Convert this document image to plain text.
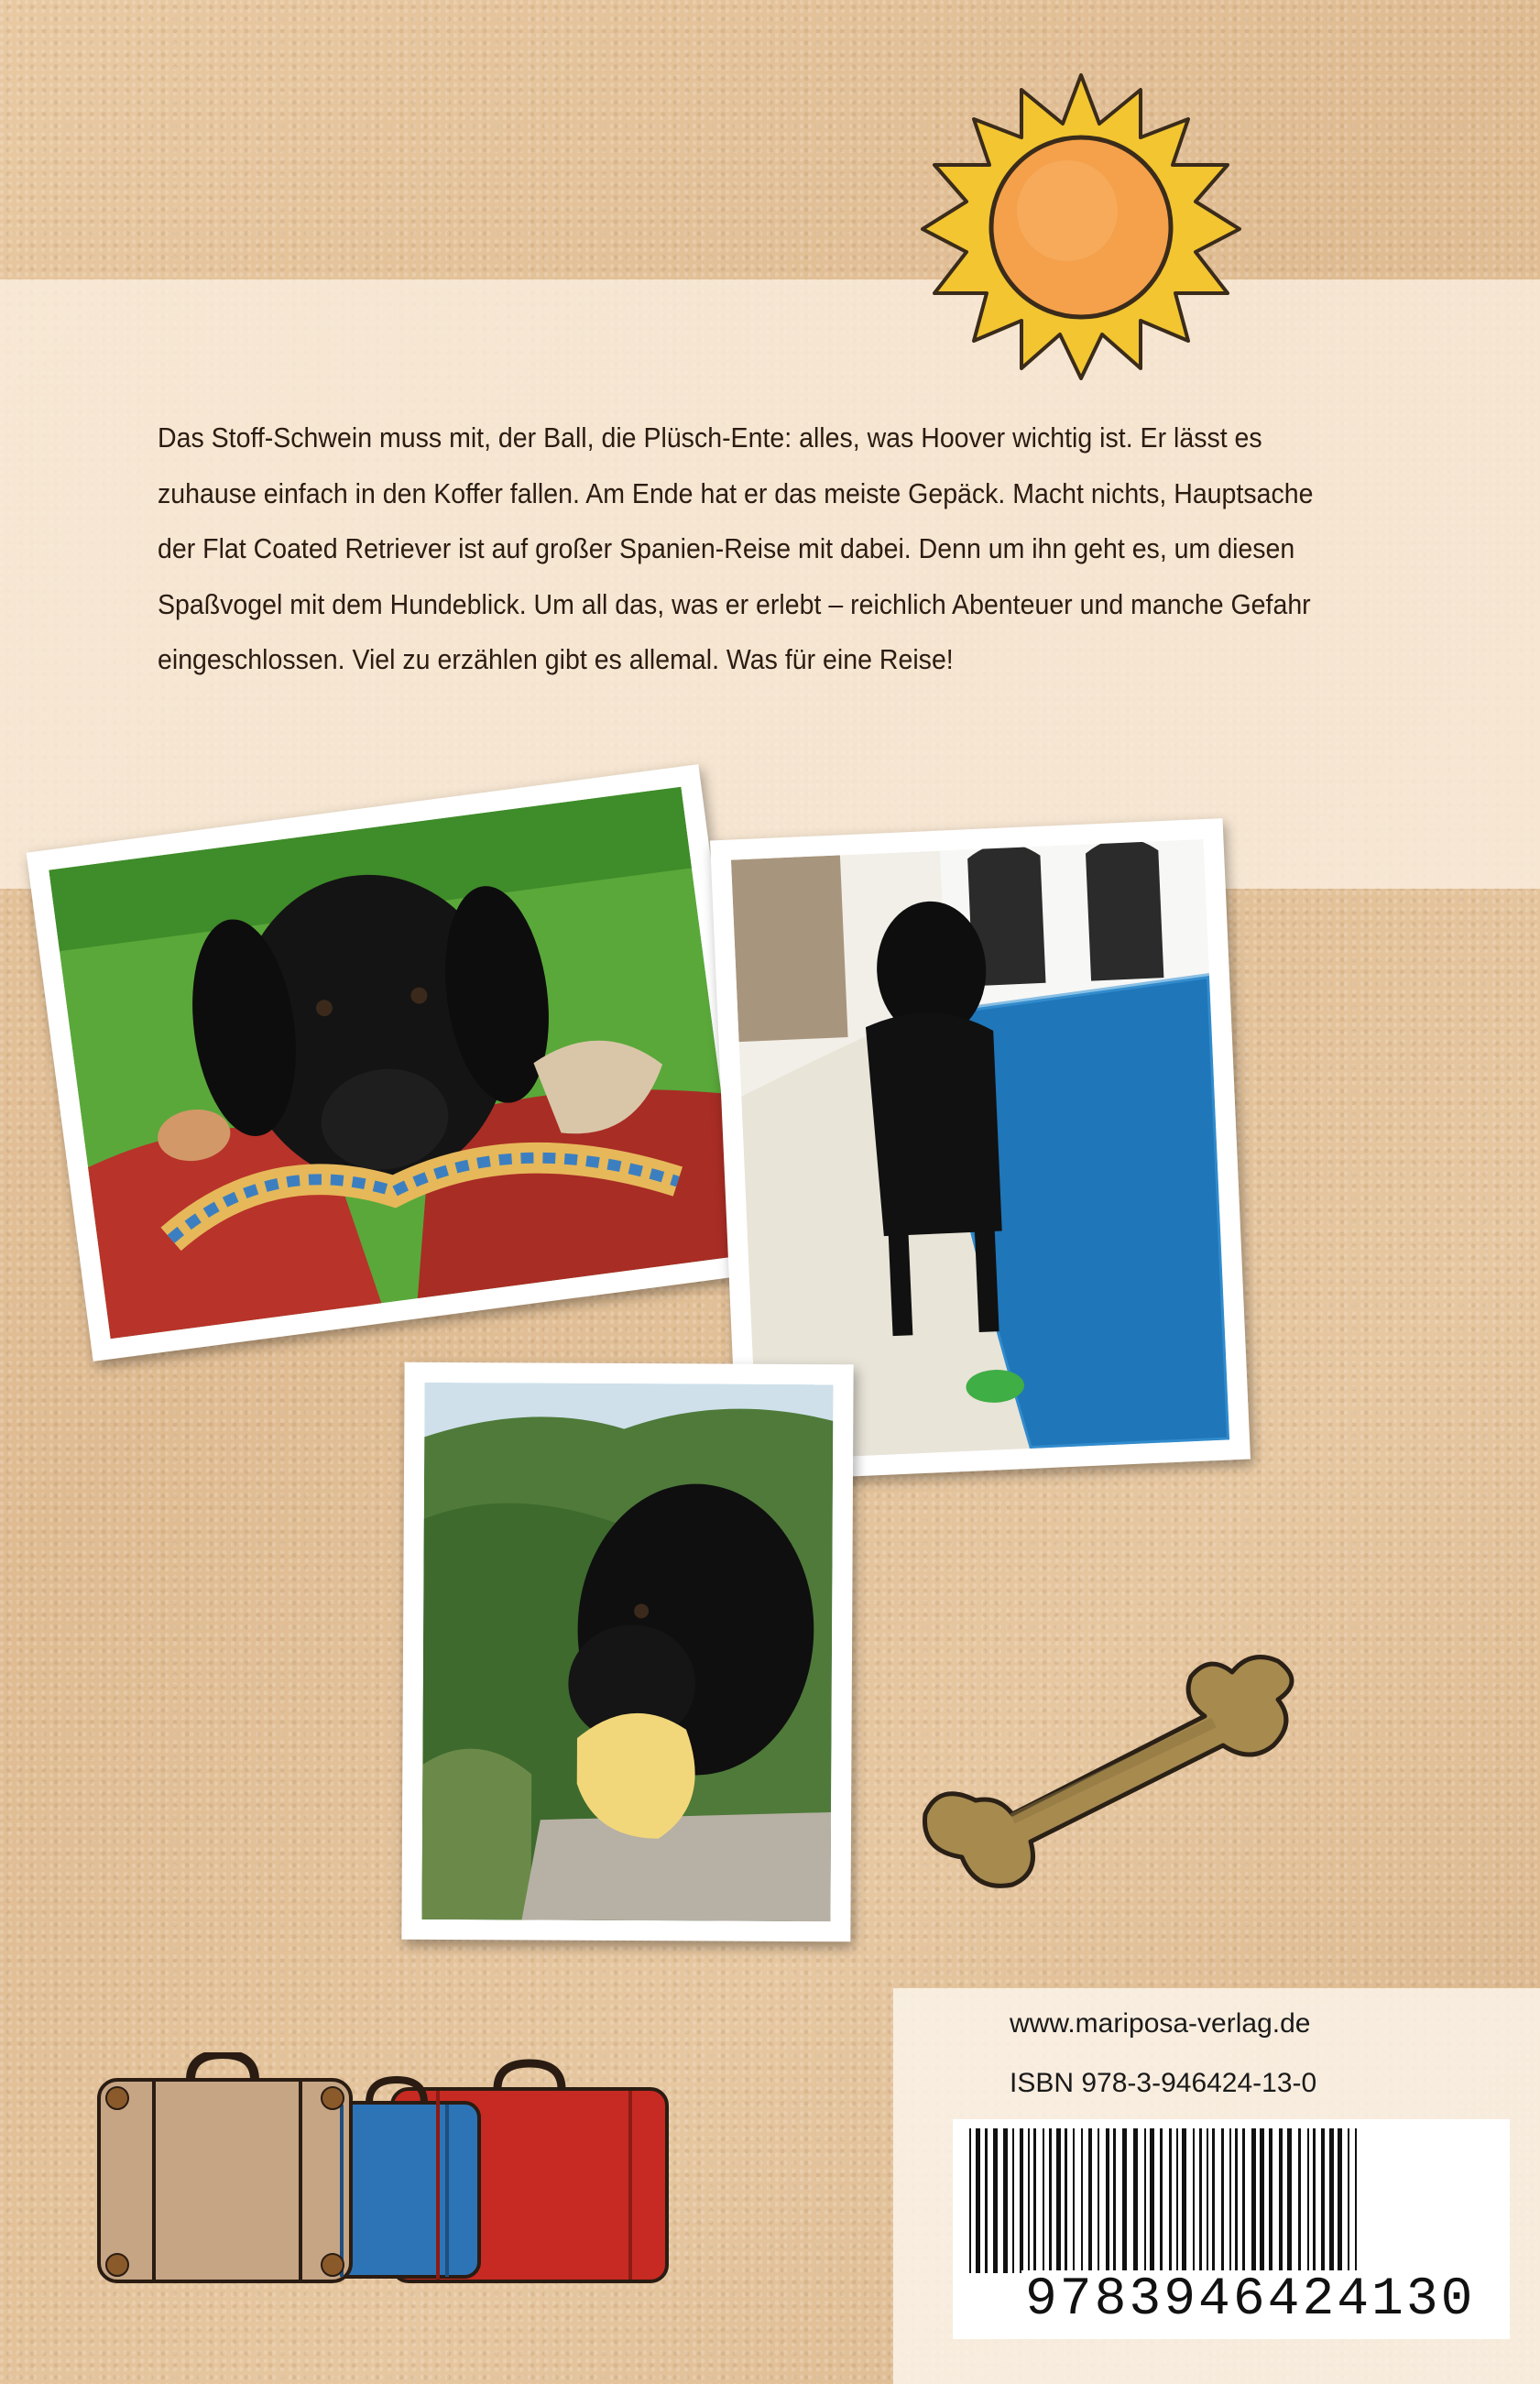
Das Stoff-Schwein muss mit, der Ball, die Plüsch-Ente: alles, was Hoover wichtig ist. Er lässt es zuhause einfach in den Koffer fallen. Am Ende hat er das meiste Gepäck. Macht nichts, Hauptsache der Flat Coated Retriever ist auf großer Spanien-Reise mit dabei. Denn um ihn geht es, um diesen Spaßvogel mit dem Hundeblick. Um all das, was er erlebt – reichlich Abenteuer und manche Gefahr eingeschlossen. Viel zu erzählen gibt es allemal. Was für eine Reise!
www.mariposa-verlag.de
ISBN 978-3-946424-13-0
9783946424130
